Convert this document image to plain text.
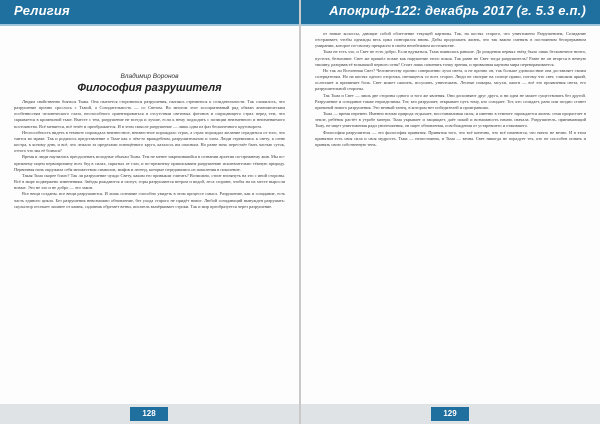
Религия
Владимир Воронов
Философия разрушителя

Людям свойственно бояться Тьмы. Она пытается сторониться разрушения, пытаясь стремиться к созидательности. Так сложилось, что разрушение прочно срослось с Тьмой, а Созидательность — со Светом. Во многом этот ассоциативный ряд обязан анатомическим особенностям человеческого глаза, неспособного ориентироваться в отсутствии световых фотонов и ощущающего страх перед тем, что скрывается в кромешной тьме. Вместе с тем, разрушение не всегда и лучше, если к нему подходить с позиции неизменного и неизменяемого постоянства. Всё меняется, всё течёт и преображается. И в этом смысле разрушение — лишь одна из фаз бесконечного круговорота.

Неспособность видеть в темноте порождала неизвестное, неизвестное порождало страх, а страх порождал желание оградиться от того, что таится во мраке. Так и родилось представление о Тьме как о чём-то враждебном, разрушительном и злом. Люди стремились к свету, к огню костра, к ясному дню, и всё, что лежало за пределами освещённого круга, казалось им опасным. Но разве ночь перестаёт быть частью суток, оттого что мы её боимся?

Время и люди научились преодолевать исходные обычаи Тьмы. Тем не менее закрепившийся в сознании архетип по-прежнему жив. Мы по-прежнему ищем первопричину всех бед в силах, скрытых от глаз, и по-прежнему приписываем разрушению исключительно тёмную природу. Первичная ночь окружила себя множеством символов, мифов и легенд, которые передавались из поколения в поколение.

Такая Тьма скорее благо? Так ли разрушение чуждо Свету, каким его привыкли считать? Возможно, стоит взглянуть на это с иной стороны. Всё в мире подвержено изменениям. Звёзды рождаются и гаснут, горы разрушаются ветром и водой, леса сгорают, чтобы на их месте выросли новые. Это не зло и не добро — это закон.

Все вещи созданы, все вещи разрушаются. И лишь сознание способно увидеть в этом процессе смысл. Разрушение, как и созидание, есть часть единого цикла. Без разрушения невозможно обновление, без ухода старого не придёт новое. Любой созидающий вынужден разрушать: скульптор отсекает лишнее от камня, садовник обрезает ветви, писатель вычёркивает строки. Так и мир преобразуется через разрушение.

128
Апокриф-122: декабрь 2017 (г. 5.3 е.п.)

от новые колоссы, дающие собой облегчение текущей картины. Так, на костях старого, что уничтожено Разрушением, Созидание отстраивает, чтобы однажды весь цикл повторился вновь. Дабы продолжать жизнь, что так важно сменять в постоянном беспрерывном умирании, которое по-своему прекрасно в своём неизбежном постоянстве.

Тьма не есть зло, и Свет не есть добро. Если вдуматься, Тьма появилась раньше. До рождения первых звёзд было лишь бесконечное ничто, пустота, безмолвие. Свет же пришёл позже как нарушение этого покоя. Так разве не Свет тогда разрушитель? Разве не он вторгся в вечную тишину, разорвав её вспышкой первого огня? Стоит лишь поменять точку зрения, и привычная картина мира переворачивается.

Но так ли Вселенная Свет? Человечеству прочно совершенно лучи света, и не прочно он, так больше удовольствие она доставляет своим созерцателям. Но на кистях одного отсрочка, светящееся со всех сторон. Люди не смотрят на солнце прямо, потому что свет, слишком яркий, ослепляет и причиняет боль. Свет может сжигать, иссушать, уничтожать. Лесные пожары, засухи, ожоги — всё это проявления света, его разрушительной стороны.

Так Тьма и Свет — лишь две стороны одного и того же явления. Они дополняют друг друга, и ни одна не может существовать без другой. Разрушение и созидание также неразделимы. Тот, кто разрушает, открывает путь тому, кто созидает. Тот, кто созидает, рано или поздно станет причиной нового разрушения. Это вечный танец, в котором нет победителей и проигравших.

Тьма — время перемен. Именно ночью природа отдыхает, восстанавливая силы, и именно в темноте зарождается жизнь: семя прорастает в земле, ребёнок растёт в утробе матери. Тьма укрывает и защищает, даёт покой и возможность начать сначала. Разрушитель, принимающий Тьму, не ищет уничтожения ради уничтожения, он ищет обновления, освобождения от устаревшего и отжившего.

Философия разрушителя — это философия принятия. Принятия того, что всё конечно, что всё изменится, что ничто не вечно. И в этом принятии есть своя сила и своя мудрость. Тьма — непостоянна, и Тьма — вечна. Свет никогда не порадует тех, кто не способен понять и принять свою собственную тень.

129
